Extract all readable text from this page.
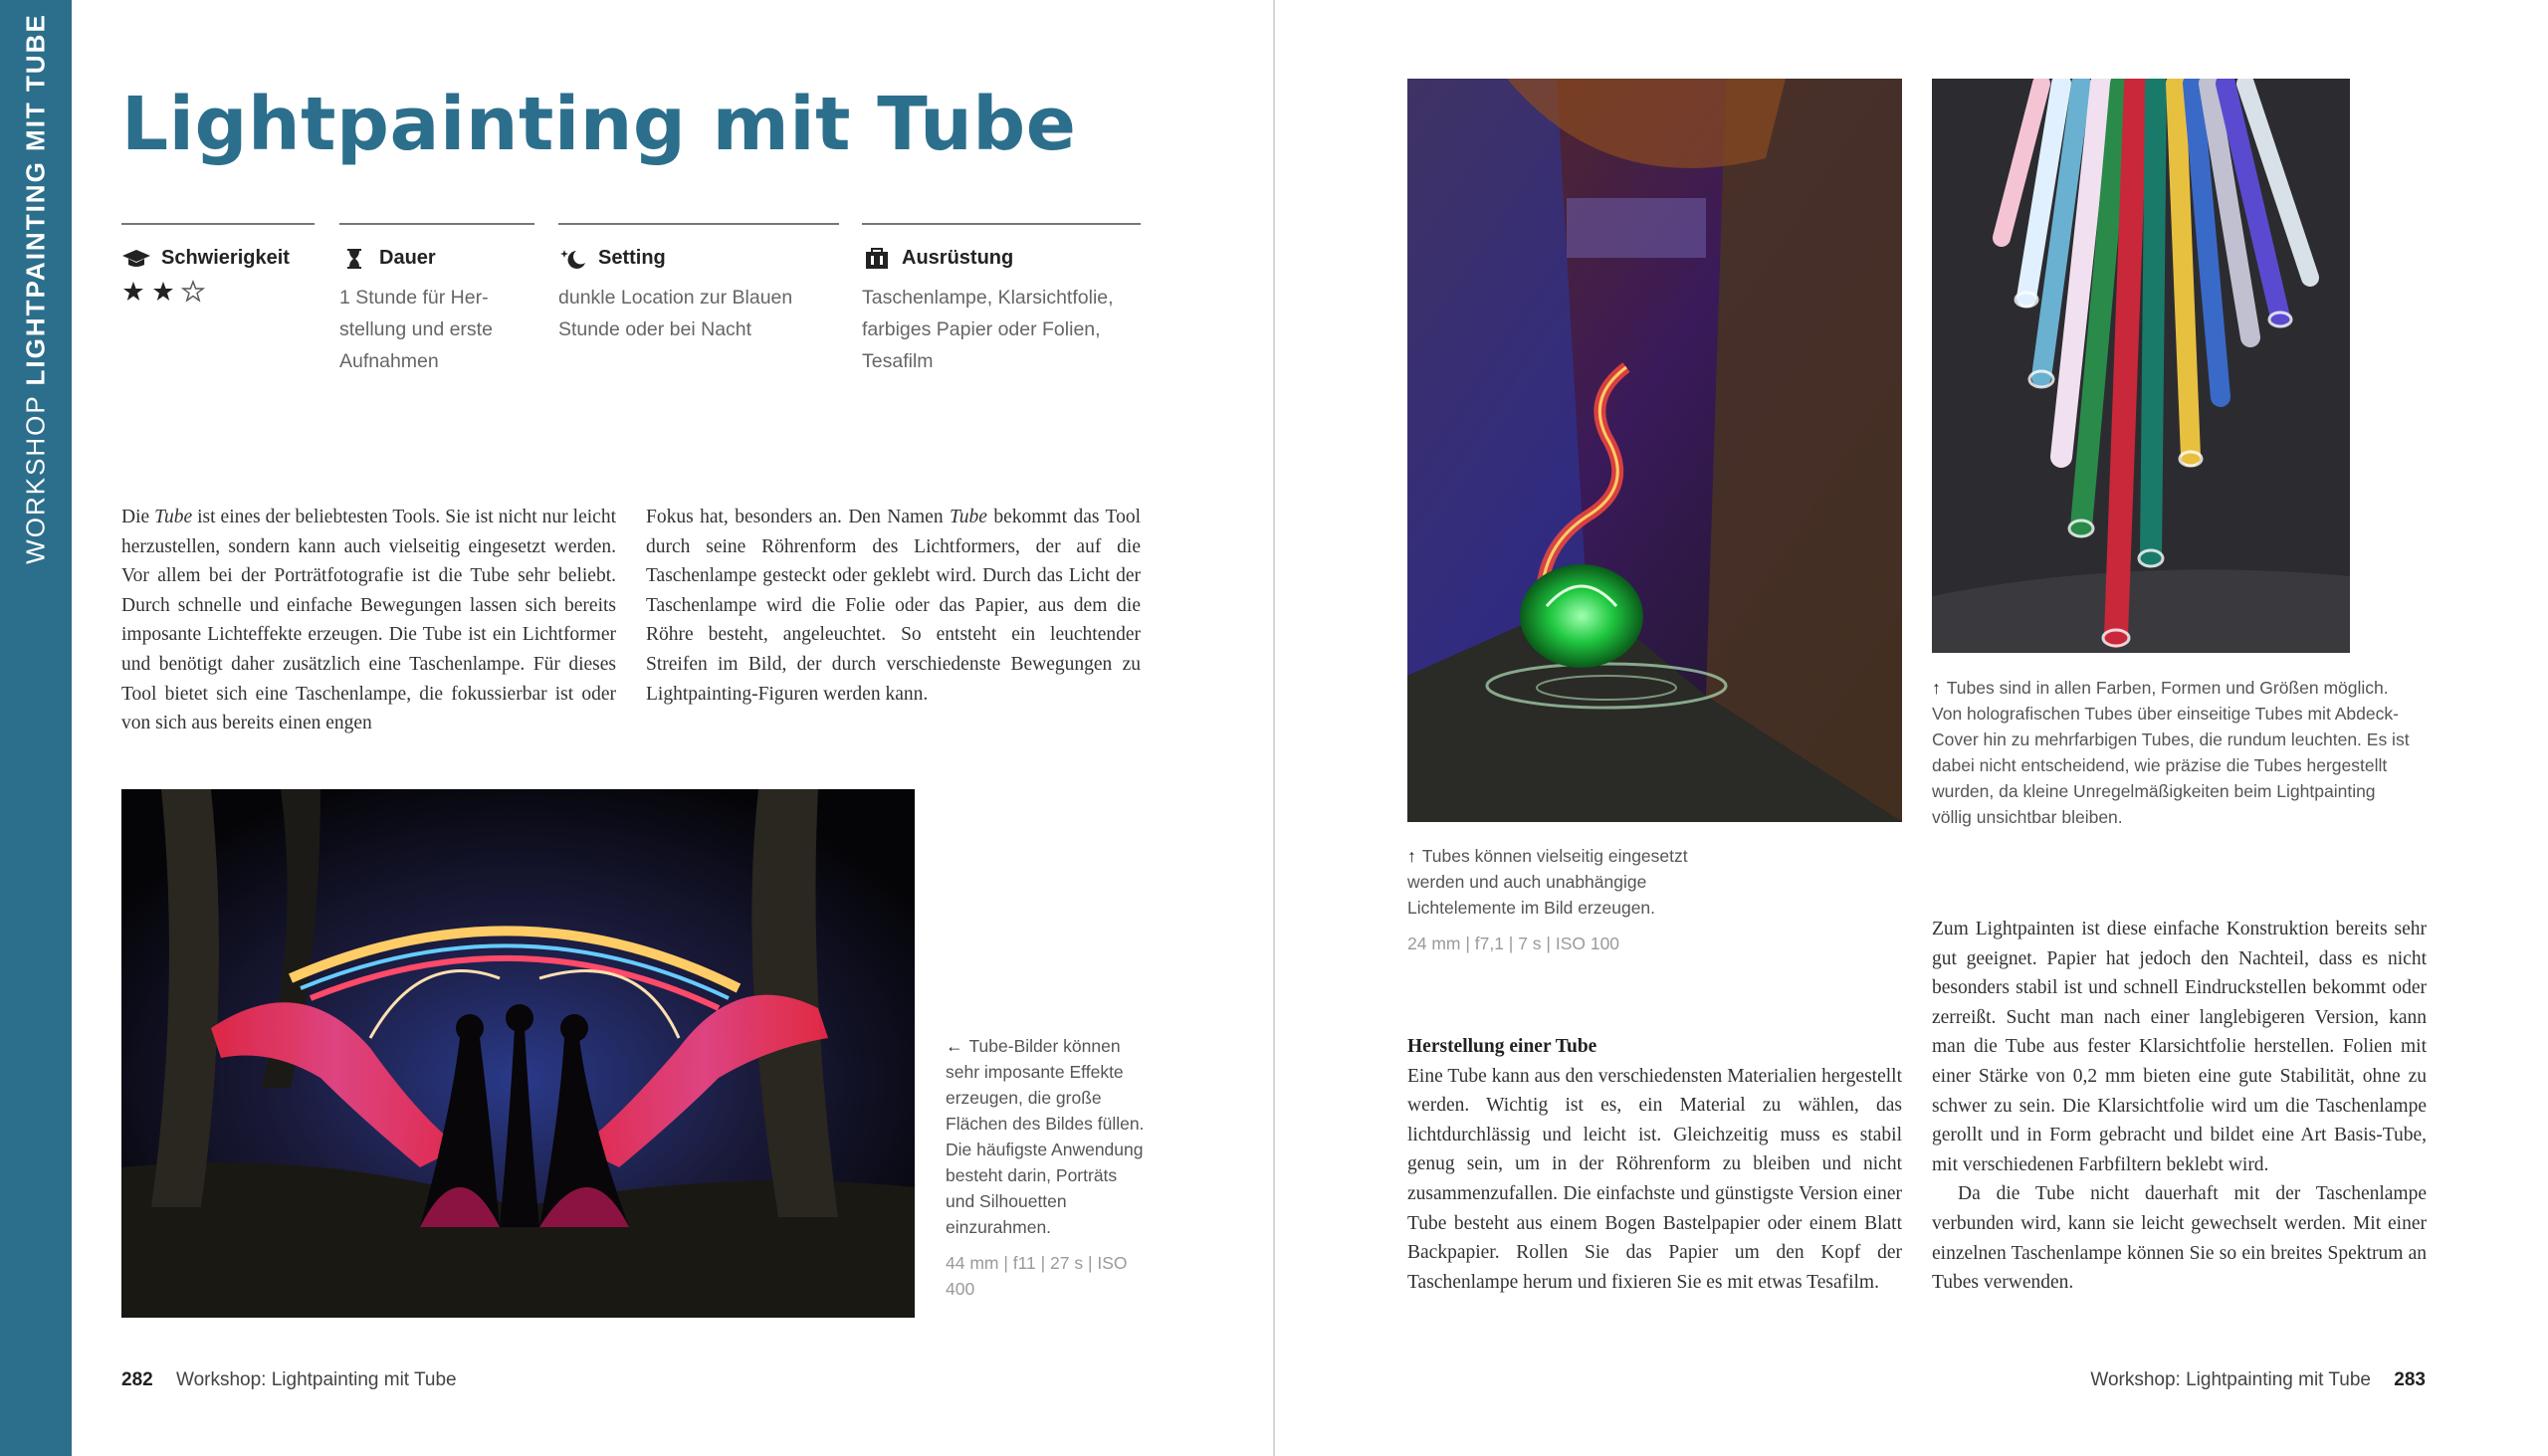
WORKSHOP LIGHTPAINTING MIT TUBE Lightpainting mit Tube
Schwierigkeit	Dauer
1 Stunde für Her-
stellung und erste
Aufnahmen
Setting
dunkle Location zur Blauen
Stunde oder bei Nacht
Ausrüstung
Taschenlampe, Klarsichtfolie,
farbiges Papier oder Folien,
Tesafilm
Die Tube ist eines der beliebtesten Tools. Sie ist nicht nur leicht herzustellen, sondern kann auch vielseitig eingesetzt werden. Vor allem bei der Porträtfotografie ist die Tube sehr beliebt. Durch schnelle und einfache Bewegungen lassen sich bereits imposante Lichteffekte erzeugen. Die Tube ist ein Lichtformer und benötigt daher zusätzlich eine Taschenlampe. Für dieses Tool bietet sich eine Taschenlampe, die fokussierbar ist oder von sich aus bereits einen engen
Fokus hat, besonders an. Den Namen Tube bekommt das Tool durch seine Röhrenform des Lichtformers, der auf die Taschenlampe gesteckt oder geklebt wird. Durch das Licht der Taschenlampe wird die Folie oder das Papier, aus dem die Röhre besteht, angeleuchtet. So entsteht ein leuchtender Streifen im Bild, der durch verschiedenste Bewegungen zu Lightpainting-Figuren werden kann.
← Tube-Bilder können sehr imposante Effekte erzeugen, die große Flächen des Bildes füllen. Die häufigste Anwendung besteht darin, Porträts und Silhouetten einzurahmen.
44 mm | f11 | 27 s | ISO 400
↑ Tubes können vielseitig eingesetzt werden und auch unabhängige Lichtelemente im Bild erzeugen.
24 mm | f7,1 | 7 s | ISO 100
↑ Tubes sind in allen Farben, Formen und Größen möglich. Von holografischen Tubes über einseitige Tubes mit Abdeck-Cover hin zu mehrfarbigen Tubes, die rundum leuchten. Es ist dabei nicht entscheidend, wie präzise die Tubes hergestellt wurden, da kleine Unregelmäßigkeiten beim Lightpainting völlig unsichtbar bleiben.
Herstellung einer Tube
Eine Tube kann aus den verschiedensten Materialien hergestellt werden. Wichtig ist es, ein Material zu wählen, das lichtdurchlässig und leicht ist. Gleichzeitig muss es stabil genug sein, um in der Röhrenform zu bleiben und nicht zusammenzufallen. Die einfachste und günstigste Version einer Tube besteht aus einem Bogen Bastelpapier oder einem Blatt Backpapier. Rollen Sie das Papier um den Kopf der Taschenlampe herum und fixieren Sie es mit etwas Tesafilm.
Zum Lightpainten ist diese einfache Konstruktion bereits sehr gut geeignet. Papier hat jedoch den Nachteil, dass es nicht besonders stabil ist und schnell Eindruckstellen bekommt oder zerreißt. Sucht man nach einer langlebigeren Version, kann man die Tube aus fester Klarsichtfolie herstellen. Folien mit einer Stärke von 0,2 mm bieten eine gute Stabilität, ohne zu schwer zu sein. Die Klarsichtfolie wird um die Taschenlampe gerollt und in Form gebracht und bildet eine Art Basis-Tube, mit verschiedenen Farbfiltern beklebt wird.
Da die Tube nicht dauerhaft mit der Taschenlampe verbunden wird, kann sie leicht gewechselt werden. Mit einer einzelnen Taschenlampe können Sie so ein breites Spektrum an Tubes verwenden.
282 Workshop: Lightpainting mit Tube	Workshop: Lightpainting mit Tube 283
